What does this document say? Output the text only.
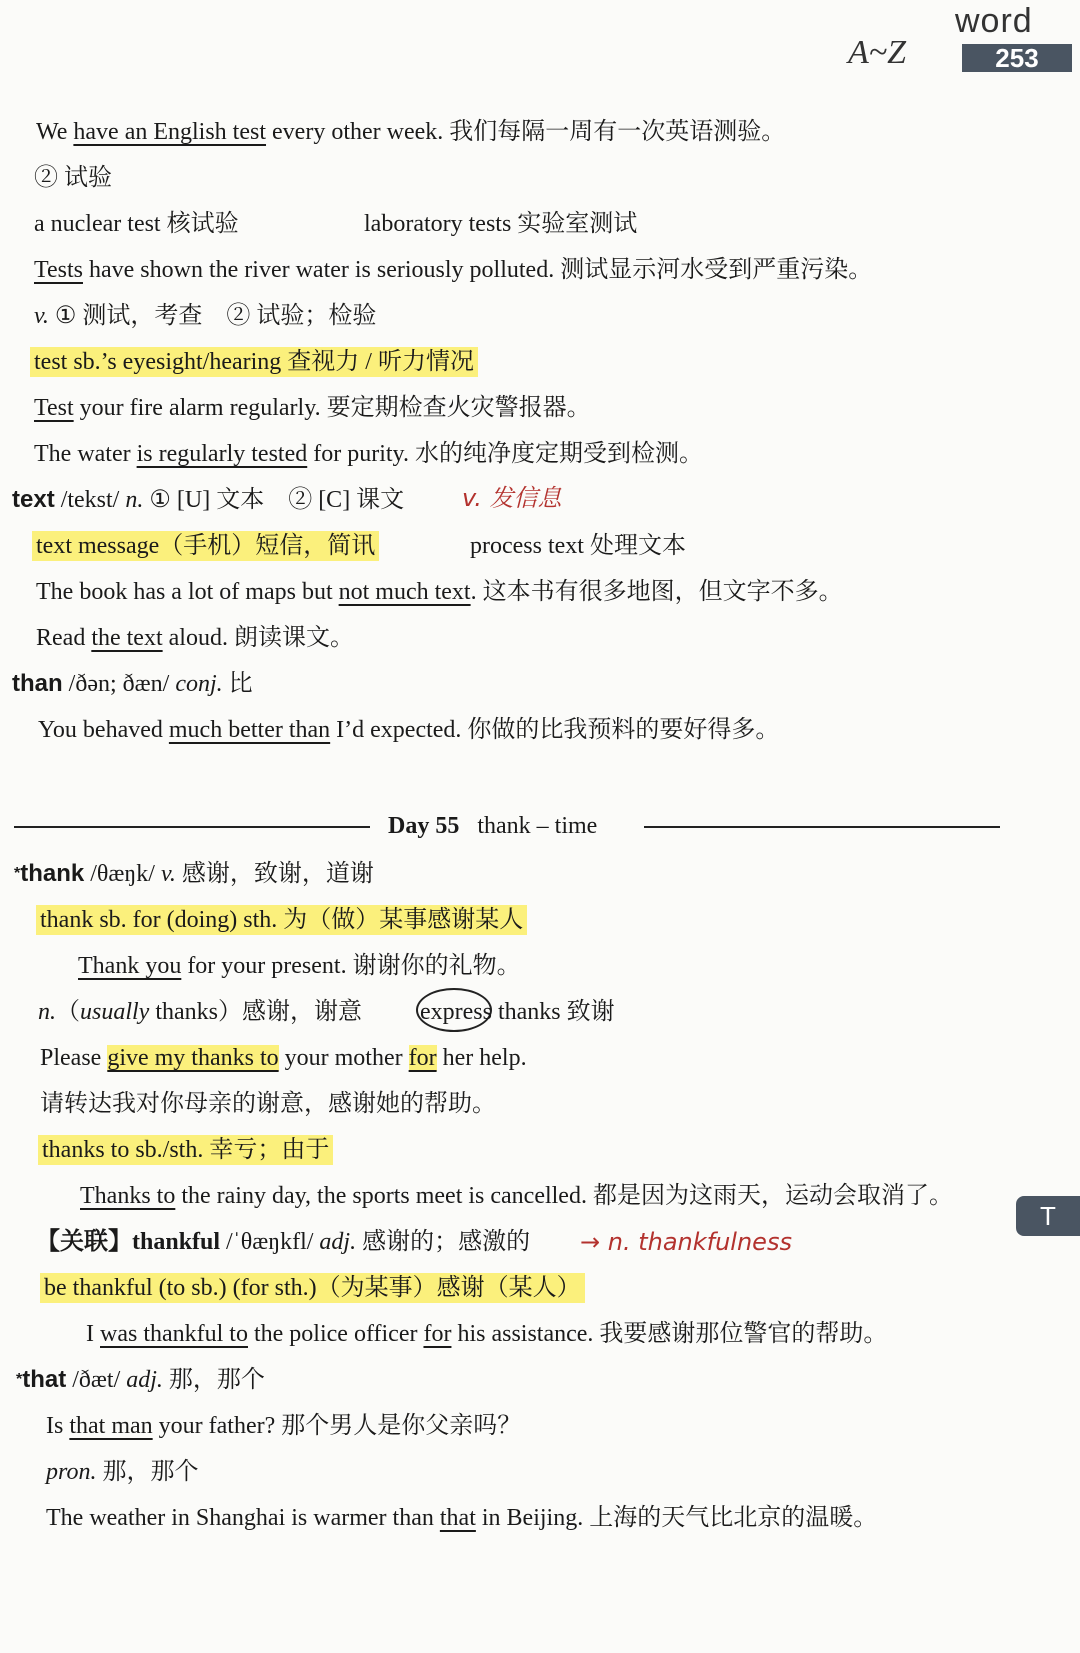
word
A~Z	253
We have an English test every other week. 我们每隔一周有一次英语测验。
② 试验
a nuclear test 核试验	laboratory tests 实验室测试
Tests have shown the river water is seriously polluted. 测试显示河水受到严重污染。
v. ① 测试，考查　② 试验；检验
test sb.’s eyesight/hearing 查视力 / 听力情况
Test your fire alarm regularly. 要定期检查火灾警报器。
The water is regularly tested for purity. 水的纯净度定期受到检测。
text /tekst/ n. ① [U] 文本　② [C] 课文 v. 发信息
text message（手机）短信，简讯	process text 处理文本
The book has a lot of maps but not much text. 这本书有很多地图，但文字不多。
Read the text aloud. 朗读课文。
than /ðən; ðæn/ conj. 比
You behaved much better than I’d expected. 你做的比我预料的要好得多。
Day 55 thank – time
*thank /θæŋk/ v. 感谢，致谢，道谢
thank sb. for (doing) sth. 为（做）某事感谢某人
Thank you for your present. 谢谢你的礼物。
n.（usually thanks）感谢，谢意 express thanks 致谢
Please give my thanks to your mother for her help.
请转达我对你母亲的谢意，感谢她的帮助。
thanks to sb./sth. 幸亏；由于
Thanks to the rainy day, the sports meet is cancelled. 都是因为这雨天，运动会取消了。
T
【关联】thankful /ˈθæŋkfl/ adj. 感谢的；感激的 → n. thankfulness
be thankful (to sb.) (for sth.)（为某事）感谢（某人）
I was thankful to the police officer for his assistance. 我要感谢那位警官的帮助。
*that /ðæt/ adj. 那，那个
Is that man your father? 那个男人是你父亲吗？
pron. 那，那个
The weather in Shanghai is warmer than that in Beijing. 上海的天气比北京的温暖。
